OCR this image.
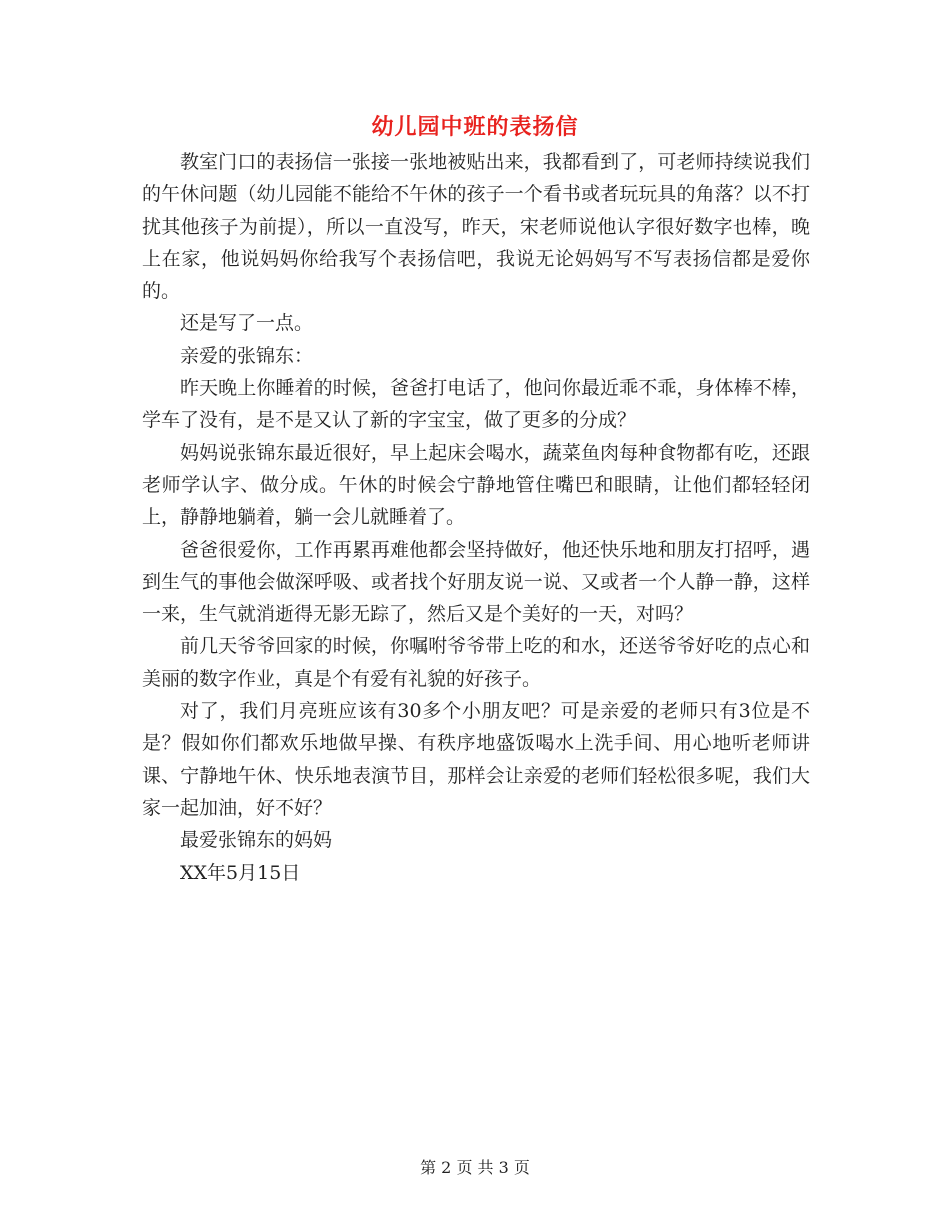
幼儿园中班的表扬信

教室门口的表扬信一张接一张地被贴出来，我都看到了，可老师持续说我们的午休问题（幼儿园能不能给不午休的孩子一个看书或者玩玩具的角落？以不打扰其他孩子为前提），所以一直没写，昨天，宋老师说他认字很好数字也棒，晚上在家，他说妈妈你给我写个表扬信吧，我说无论妈妈写不写表扬信都是爱你的。

还是写了一点。

亲爱的张锦东：

昨天晚上你睡着的时候，爸爸打电话了，他问你最近乖不乖，身体棒不棒，学车了没有，是不是又认了新的字宝宝，做了更多的分成？

妈妈说张锦东最近很好，早上起床会喝水，蔬菜鱼肉每种食物都有吃，还跟老师学认字、做分成。午休的时候会宁静地管住嘴巴和眼睛，让他们都轻轻闭上，静静地躺着，躺一会儿就睡着了。

爸爸很爱你，工作再累再难他都会坚持做好，他还快乐地和朋友打招呼，遇到生气的事他会做深呼吸、或者找个好朋友说一说、又或者一个人静一静，这样一来，生气就消逝得无影无踪了，然后又是个美好的一天，对吗？

前几天爷爷回家的时候，你嘱咐爷爷带上吃的和水，还送爷爷好吃的点心和美丽的数字作业，真是个有爱有礼貌的好孩子。

对了，我们月亮班应该有30多个小朋友吧？可是亲爱的老师只有3位是不是？假如你们都欢乐地做早操、有秩序地盛饭喝水上洗手间、用心地听老师讲课、宁静地午休、快乐地表演节目，那样会让亲爱的老师们轻松很多呢，我们大家一起加油，好不好？

最爱张锦东的妈妈

XX年5月15日

第 2 页 共 3 页
